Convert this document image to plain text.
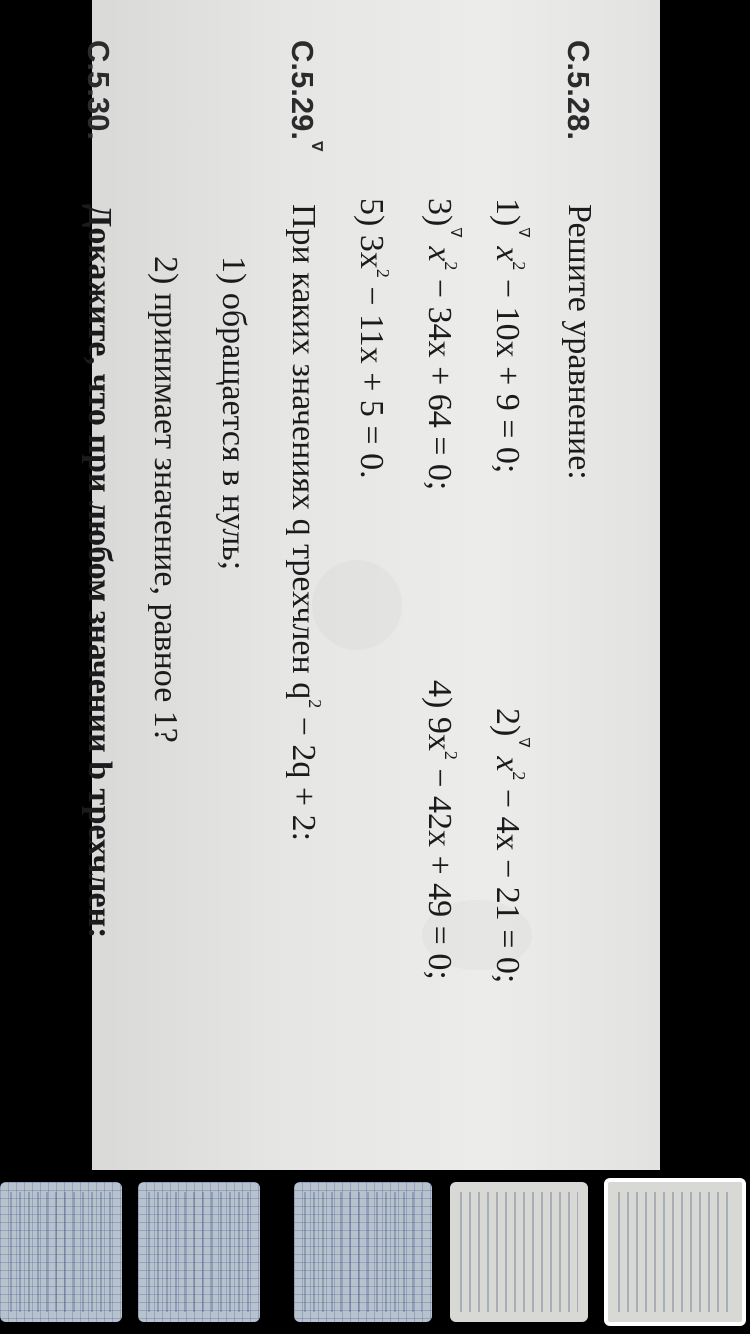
С.5.28.
Решите уравнение:
1)∇ $x^2 - 10x + 9 = 0$;
2)∇ $x^2 - 4x - 21 = 0$;
3)∇ $x^2 - 34x + 64 = 0$;
4) $9x^2 - 42x + 49 = 0$;
5) $3x^2 - 11x + 5 = 0$.
С.5.29.∇
При каких значениях q трехчлен $q^2 - 2q + 2$:
1) обращается в нуль;
2) принимает значение, равное 1?
С.5.30.
Докажите, что при любом значении b трехчлен:
